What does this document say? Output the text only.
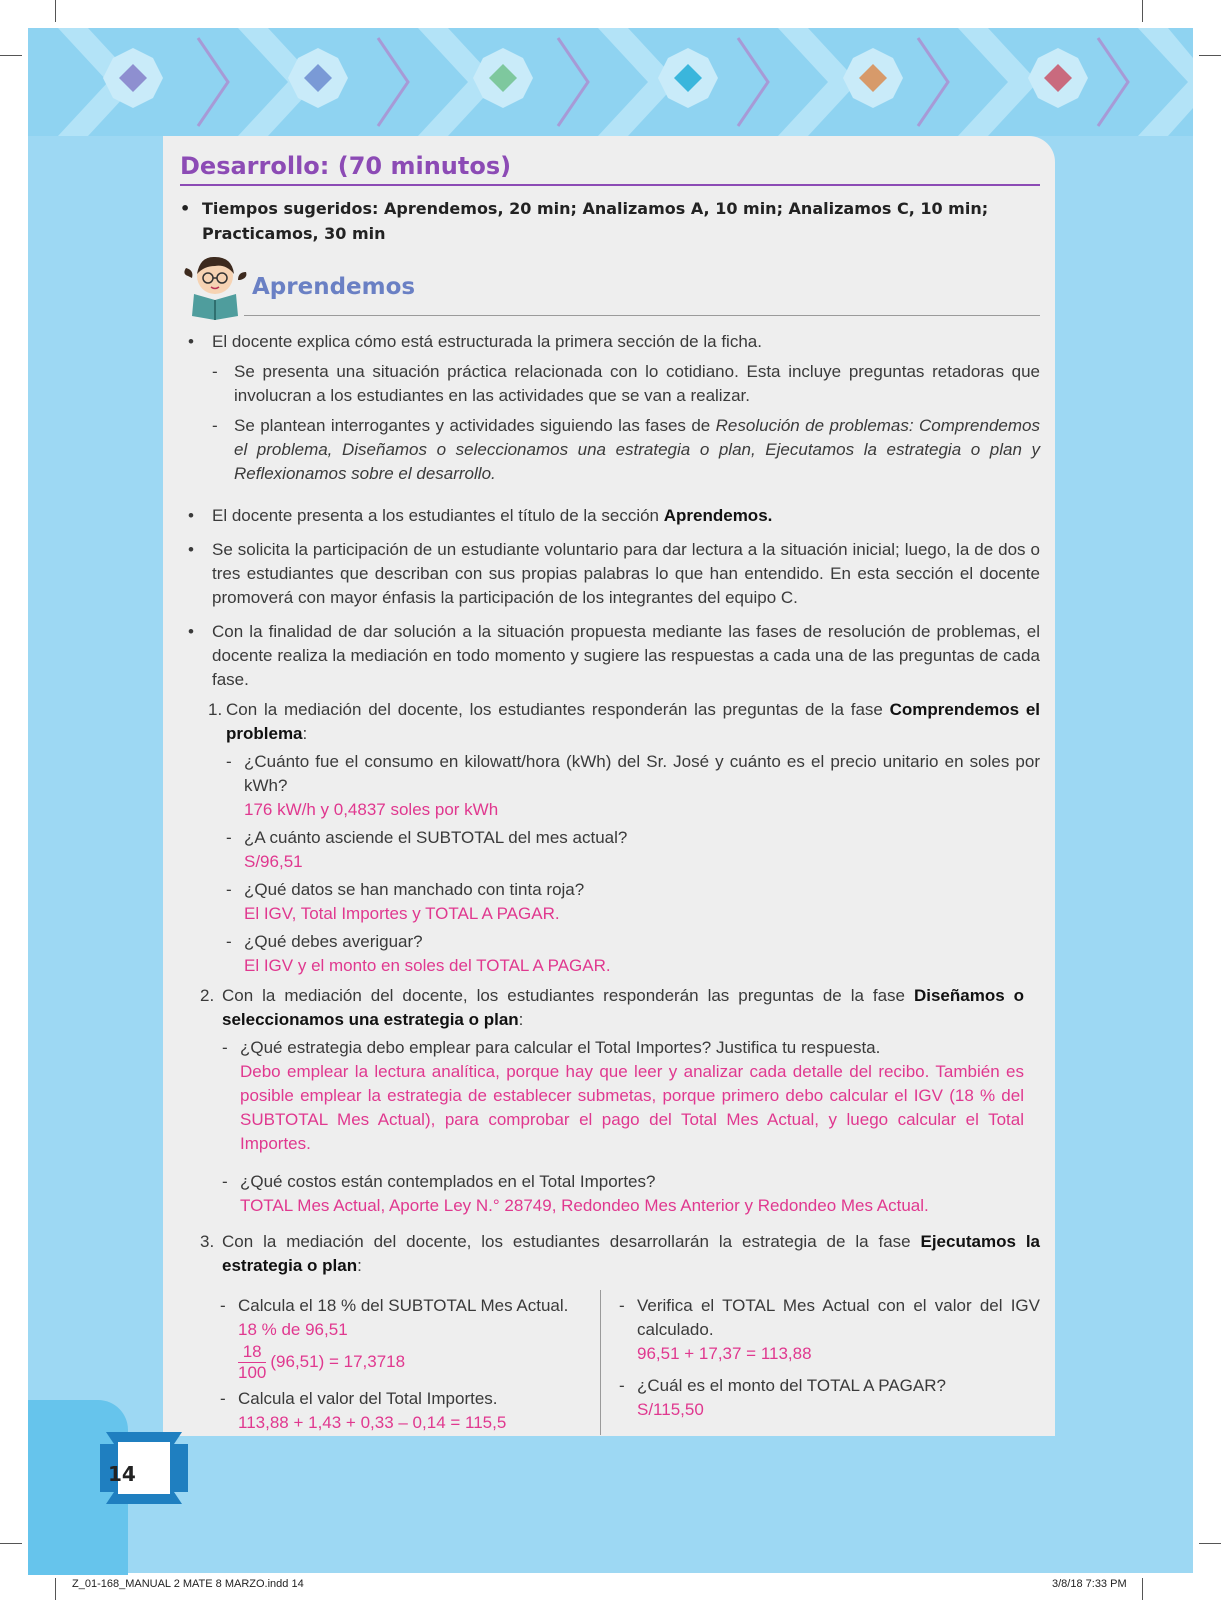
Desarrollo: (70 minutos)
• Tiempos sugeridos: Aprendemos, 20 min; Analizamos A, 10 min; Analizamos C, 10 min; Practicamos, 30 min
Aprendemos
•	El docente explica cómo está estructurada la primera sección de la ficha.
- Se presenta una situación práctica relacionada con lo cotidiano. Esta incluye preguntas retadoras que involucran a los estudiantes en las actividades que se van a realizar.
- Se plantean interrogantes y actividades siguiendo las fases de Resolución de problemas: Comprendemos el problema, Diseñamos o seleccionamos una estrategia o plan, Ejecutamos la estrategia o plan y Reflexionamos sobre el desarrollo.
•	El docente presenta a los estudiantes el título de la sección Aprendemos.
•	Se solicita la participación de un estudiante voluntario para dar lectura a la situación inicial; luego, la de dos o tres estudiantes que describan con sus propias palabras lo que han entendido. En esta sección el docente promoverá con mayor énfasis la participación de los integrantes del equipo C.
•	Con la finalidad de dar solución a la situación propuesta mediante las fases de resolución de problemas, el docente realiza la mediación en todo momento y sugiere las respuestas a cada una de las preguntas de cada fase.
1. Con la mediación del docente, los estudiantes responderán las preguntas de la fase Comprendemos el problema:
- ¿Cuánto fue el consumo en kilowatt/hora (kWh) del Sr. José y cuánto es el precio unitario en soles por kWh?
176 kW/h y 0,4837 soles por kWh
- ¿A cuánto asciende el SUBTOTAL del mes actual?
S/96,51
- ¿Qué datos se han manchado con tinta roja?
El IGV, Total Importes y TOTAL A PAGAR.
- ¿Qué debes averiguar?
El IGV y el monto en soles del TOTAL A PAGAR.
2. Con la mediación del docente, los estudiantes responderán las preguntas de la fase Diseñamos o seleccionamos una estrategia o plan:
- ¿Qué estrategia debo emplear para calcular el Total Importes? Justifica tu respuesta.
Debo emplear la lectura analítica, porque hay que leer y analizar cada detalle del recibo. También es posible emplear la estrategia de establecer submetas, porque primero debo calcular el IGV (18 % del SUBTOTAL Mes Actual), para comprobar el pago del Total Mes Actual, y luego calcular el Total Importes.
- ¿Qué costos están contemplados en el Total Importes?
TOTAL Mes Actual, Aporte Ley N.° 28749, Redondeo Mes Anterior y Redondeo Mes Actual.
3. Con la mediación del docente, los estudiantes desarrollarán la estrategia de la fase Ejecutamos la estrategia o plan:
- Calcula el 18 % del SUBTOTAL Mes Actual.
18 % de 96,51
$\frac{18}{100} (96,51) = 17,3718$
- Calcula el valor del Total Importes.
113,88 + 1,43 + 0,33 – 0,14 = 115,5
- Verifica el TOTAL Mes Actual con el valor del IGV calculado.
96,51 + 17,37 = 113,88
- ¿Cuál es el monto del TOTAL A PAGAR?
S/115,50
14
Z_01-168_MANUAL 2 MATE 8 MARZO.indd 14	3/8/18 7:33 PM
